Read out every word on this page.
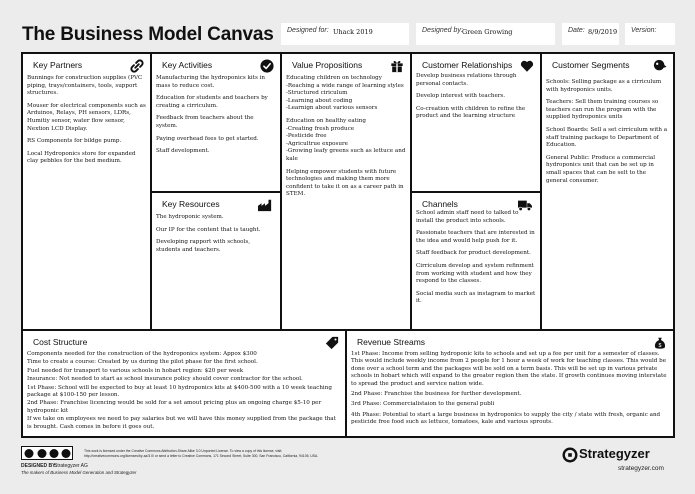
The Business Model Canvas Designed for: Uhack 2019	Designed by: Green Growing	Date: 8/9/2019 Version:
Key Partners

Bunnings for construction supplies (PVC piping, trays/containers, tools, support structures.

Mouser for electrical components such as Arduinos, Relays, PH sensors, LDRs, Humitiy sensor, water flow sensor, Nextion LCD Display.

RS Components for bildge pump.

Local Hydroponics store for expanded clay pebbles for the bed medium.

Key Activities

Manufacturing the hydroponics kits in mass to reduce cost.

Education for students and teachers by creating a cirriculum.

Feedback from teachers about the system.

Paying overhead fees to get started.

Staff development.

Key Resources

The hydroponic system.

Our IP for the content that is taught.

Developing rapport with schools, students and teachers.

Value Propositions

Educating children on technology
-Reaching a wide range of learning styles
-Structured ciriculum
-Learning about coding
-Learnign about various sensors

Education on healthy eating
-Creating fresh produce
-Pesticide free
-Agricultrue exposure
-Growing leafy greens such as lettuce and kale

Helping empower students with future technologies and making them more confident to take it on as a career path in STEM.

Customer Relationships

Develop business relations through personal contacts.

Develop interest with teachers.

Co-creation with children to refine the product and the learning structure

Channels

School admin staff need to talked to install the product into schools.

Passionate teachers that are interested in the idea and would help push for it.

Staff feedback for product development.

Cirriculum develop and system refinment from working with student and how they respond to the classes.

Social media such as instagram to market it.

Customer Segments

Schools: Selling package as a cirriculum with hydroponics units.

Teachers: Sell them training courses so teachers can run the program with the supplied hydroponics units

School Boards: Sell a set cirriculum with a staff training package to Department of Education.

General Public: Produce a commercial hydroponics unit that can be set up in small spaces that can be selt to the general consumer.

Cost Structure

Components needed for the construction of the hydroponics system: Appox $300

Time to create a course: Created by us during the pilot phase for the first school.

Fuel needed for transport to various schools in hobart region: $20 per week

Insurance: Not needed to start as school insurance policy should cover contractor for the school.

1st Phase: School will be expected to buy at least 10 hydroponics kits at $400-500 with a 10 week teaching package at $100-150 per lesson.

2nd Phase: Franchise licencing would be sold for a set amout pricing plus an ongoing charge $5-10 per hydroponic kit

If we take on employees we need to pay salaries but we will have this money supplied from the package that is brought. Cash comes in before it goes out.

Revenue Streams	$

1st Phase: Income from selling hydroponic kits to schools and set up a fee per unit for a semester of classes. This would include weekly income from 2 people for 1 hour a week of work for teaching classes. This would be done over a school term and the packages will be sold on a term basis. This will be set up in various private schools in hobart which will expand to the greater region then the state. If growth continues moving interstate to spread the product and service nation wide.

2nd Phase: Franchise the business for further development.

3rd Phase: Commercialistaion to the general publi

4th Phase: Potential to start a large business in hydroponics to supply the city / state with fresh, organic and pesticide free food such as lettuce, tomatoes, kale and various sprouts.

This work is licensed under the Creative Commons Attribution-Share Alike 3.0 Unported License. To view a copy of this license, visit:
http://creativecommons.org/licenses/by-sa/3.0/ or send a letter to Creative Commons, 171 Second Street, Suite 300, San Francisco, California, 94105, USA.
DESIGNED BY:
Strategyzer AG
The makers of Business Model Generation and Strategyzer
Strategyzer
strategyzer.com
